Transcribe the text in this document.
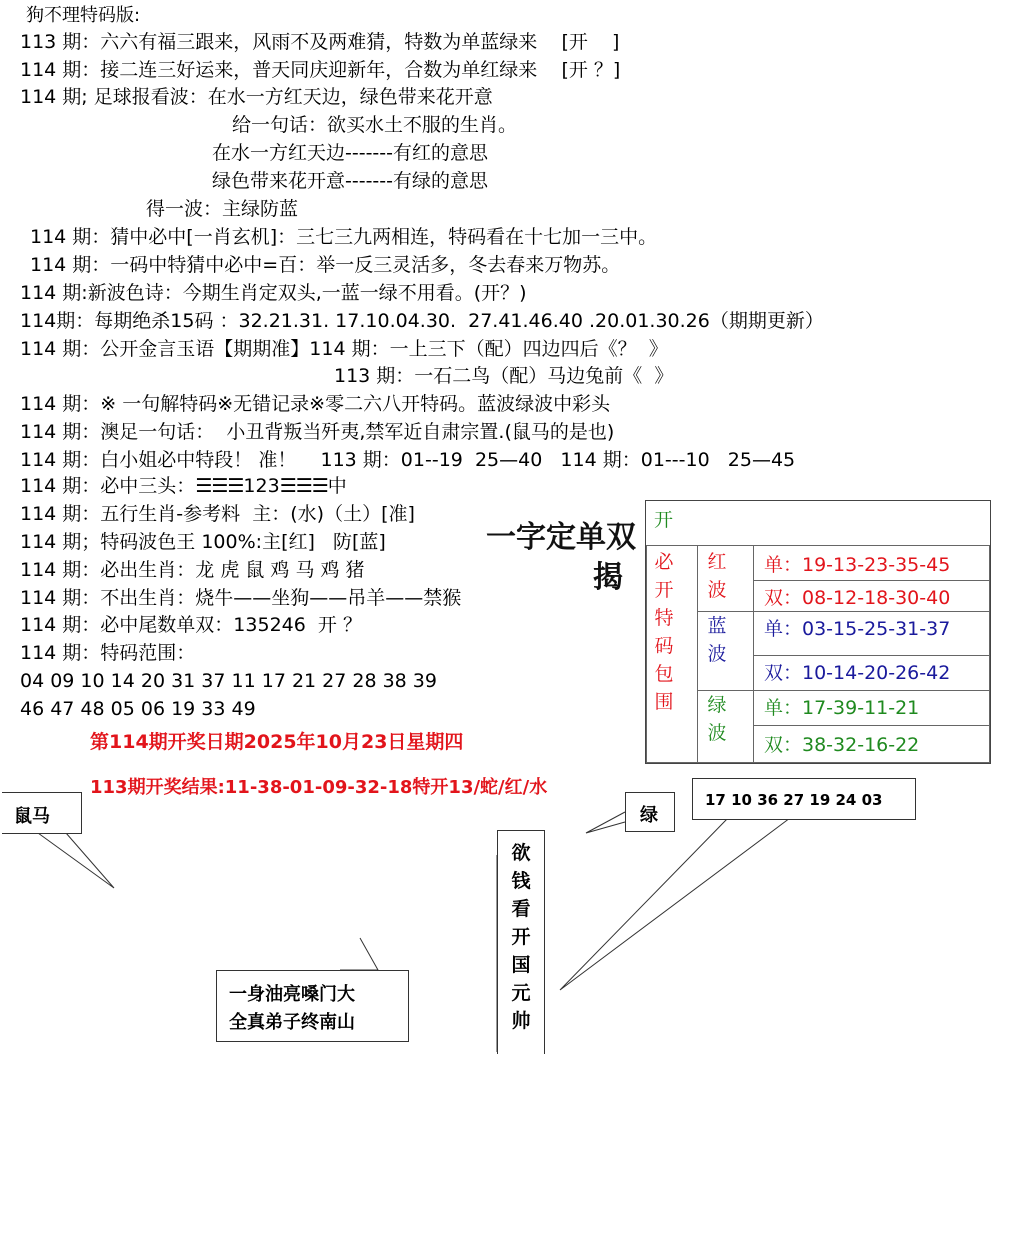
狗不理特码版:
113 期：六六有福三跟来，风雨不及两难猜，特数为单蓝绿来    [开    ]
114 期：接二连三好运来，普天同庆迎新年，合数为单红绿来    [开 ？]
114 期; 足球报看波：在水一方红天边，绿色带来花开意
给一句话：欲买水土不服的生肖。
在水一方红天边-------有红的意思
绿色带来花开意-------有绿的意思
得一波：主绿防蓝
114 期：猜中必中[一肖玄机]：三七三九两相连，特码看在十七加一三中。
114 期：一码中特猜中必中=百：举一反三灵活多，冬去春来万物苏。
114 期:新波色诗：今期生肖定双头,一蓝一绿不用看。(开？)
114期：每期绝杀15码 ：32.21.31. 17.10.04.30.  27.41.46.40 .20.01.30.26（期期更新）
114 期：公开金言玉语【期期准】114 期：一上三下（配）四边四后《？  》
113 期：一石二鸟（配）马边兔前《  》
114 期：※ 一句解特码※无错记录※零二六八开特码。蓝波绿波中彩头
114 期：澳足一句话：  小丑背叛当歼夷,禁军近自肃宗置.(鼠马的是也)
114 期：白小姐必中特段！ 准！    113 期：01--19  25—40   114 期：01---10   25—45
114 期：必中三头：☰☰☰123☰☰☰中
114 期：五行生肖-参考料  主：(水)（土）[准]
114 期；特码波色王 100%:主[红]   防[蓝]
114 期：必出生肖：龙 虎 鼠 鸡 马 鸡 猪
114 期：不出生肖：烧牛——坐狗——吊羊——禁猴
114 期：必中尾数单双：135246  开 ？
114 期：特码范围：
04 09 10 14 20 31 37 11 17 21 27 28 38 39
46 47 48 05 06 19 33 49
第114期开奖日期2025年10月23日星期四
113期开奖结果:11-38-01-09-32-18特开13/蛇/红/水
一字定单双
揭
开
必开特码包围
红波
单：19-13-23-35-45
双：08-12-18-30-40
蓝波
单：03-15-25-31-37
双：10-14-20-26-42
绿波
单：17-39-11-21
双：38-32-16-22
鼠马	绿
17 10 36 27 19 24 03
欲钱看开国元帅
一身油亮嗓门大
全真弟子终南山
